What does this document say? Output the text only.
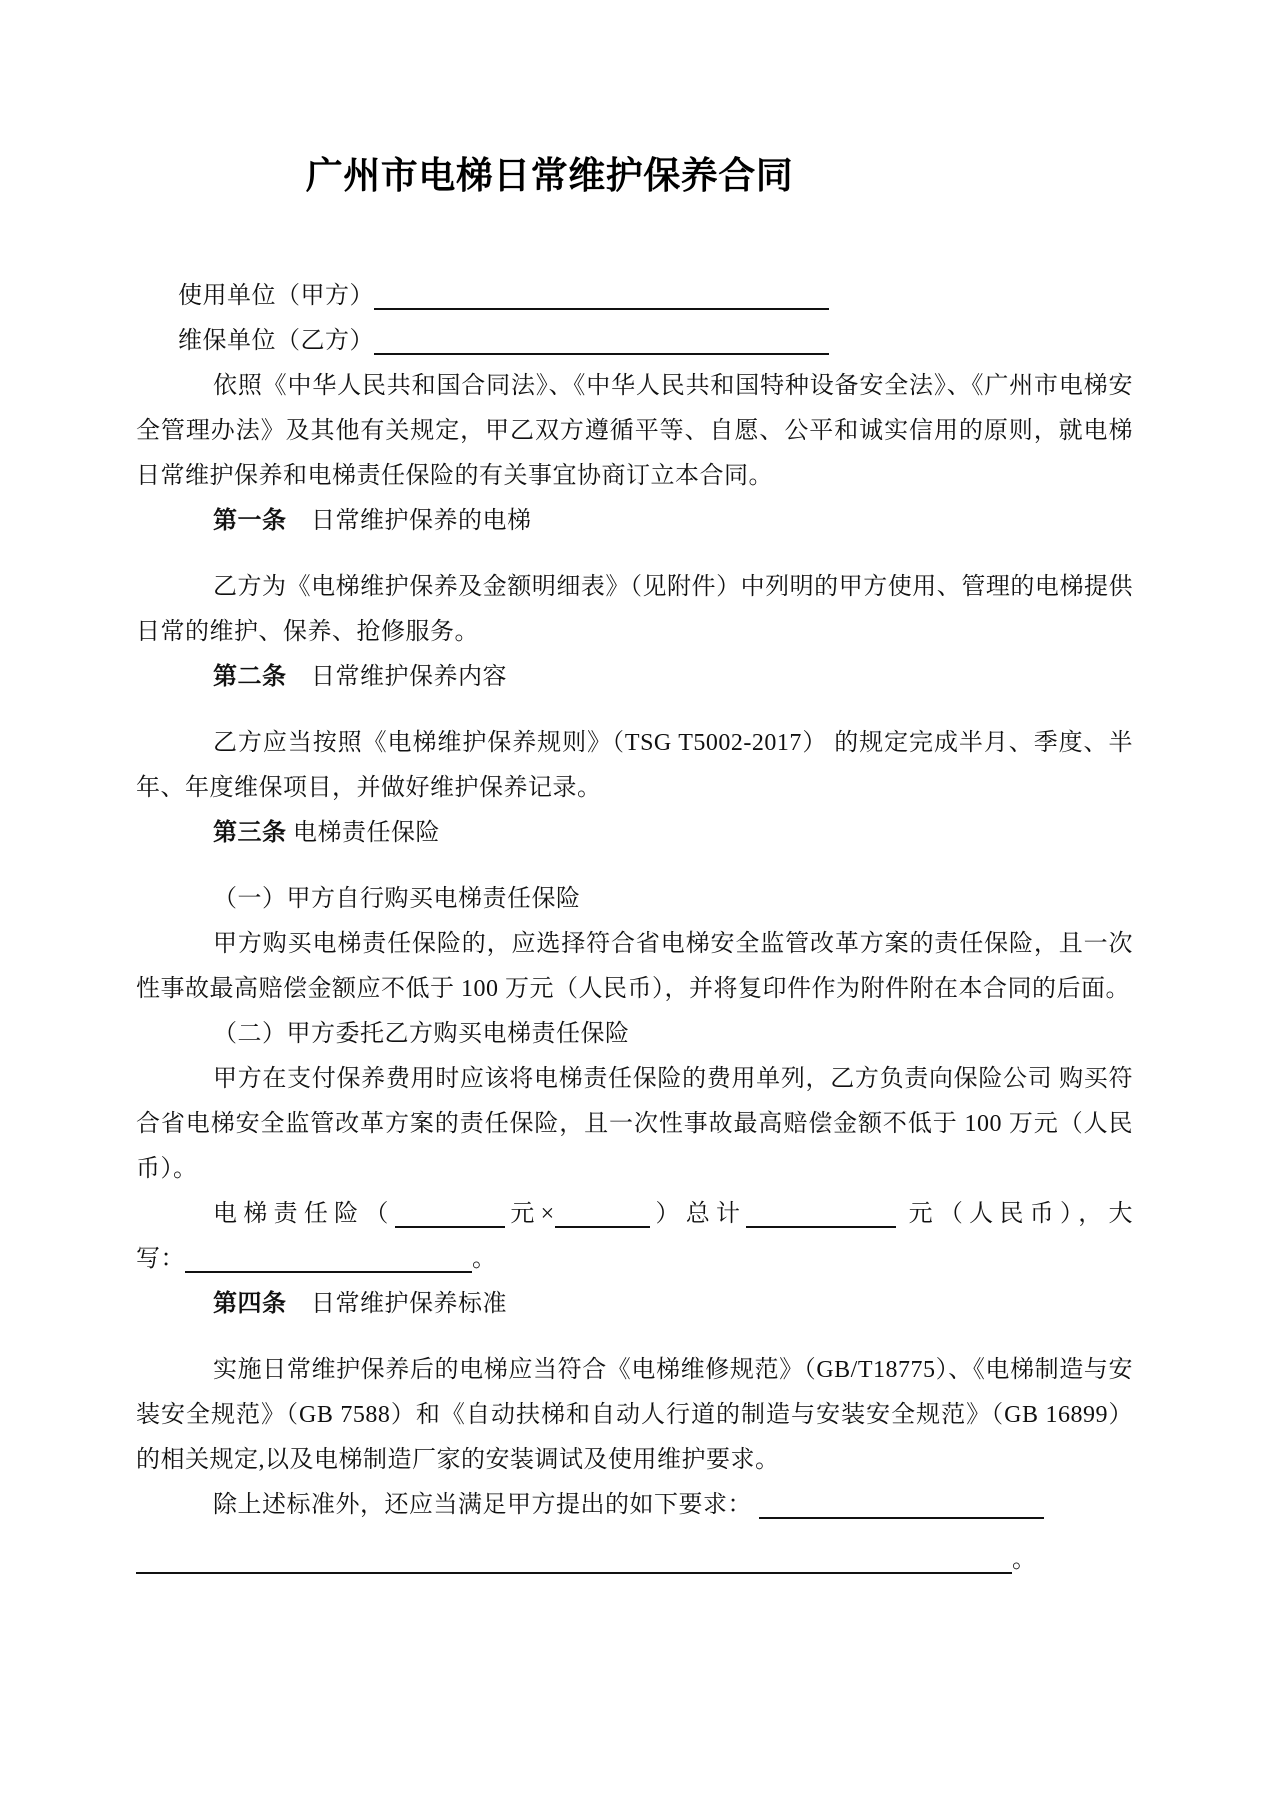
广州市电梯日常维护保养合同
使用单位（甲方）
维保单位（乙方）
依照《中华人民共和国合同法》、《中华人民共和国特种设备安全法》、《广州市电梯安全管理办法》及其他有关规定，甲乙双方遵循平等、自愿、公平和诚实信用的原则，就电梯日常维护保养和电梯责任保险的有关事宜协商订立本合同。
第一条　日常维护保养的电梯
乙方为《电梯维护保养及金额明细表》（见附件）中列明的甲方使用、管理的电梯提供日常的维护、保养、抢修服务。
第二条　日常维护保养内容
乙方应当按照《电梯维护保养规则》（TSG T5002-2017） 的规定完成半月、季度、半年、年度维保项目，并做好维护保养记录。
第三条 电梯责任保险
（一）甲方自行购买电梯责任保险
甲方购买电梯责任保险的，应选择符合省电梯安全监管改革方案的责任保险，且一次性事故最高赔偿金额应不低于 100 万元（人民币），并将复印件作为附件附在本合同的后面。
（二）甲方委托乙方购买电梯责任保险
甲方在支付保养费用时应该将电梯责任保险的费用单列，乙方负责向保险公司 购买符合省电梯安全监管改革方案的责任保险，且一次性事故最高赔偿金额不低于 100 万元（人民币）。
电梯责任险（	元×	）总计	元（人民币），大
写：	。
第四条　日常维护保养标准
实施日常维护保养后的电梯应当符合《电梯维修规范》（GB/T18775）、《电梯制造与安装安全规范》（GB 7588）和《自动扶梯和自动人行道的制造与安装安全规范》（GB 16899）的相关规定,以及电梯制造厂家的安装调试及使用维护要求。
除上述标准外，还应当满足甲方提出的如下要求：
。
